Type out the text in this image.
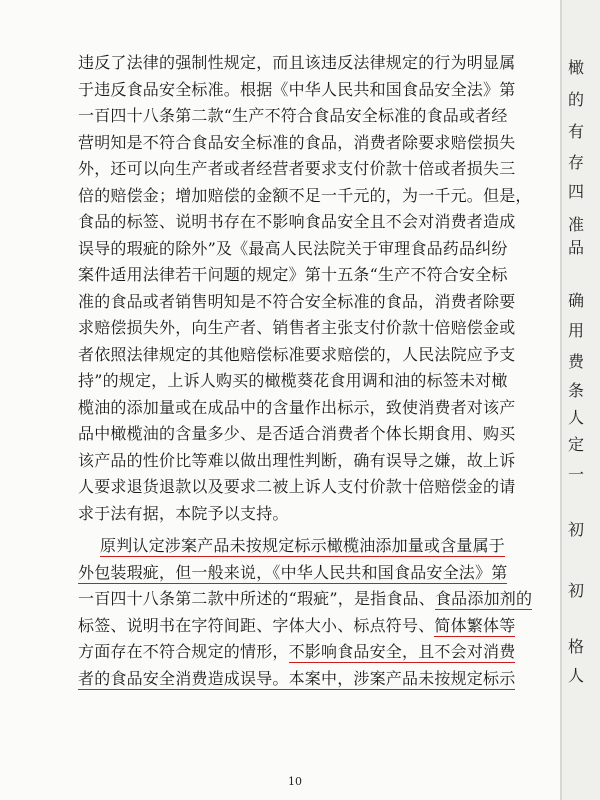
违反了法律的强制性规定，而且该违反法律规定的行为明显属
于违反食品安全标准。根据《中华人民共和国食品安全法》第
一百四十八条第二款“生产不符合食品安全标准的食品或者经
营明知是不符合食品安全标准的食品，消费者除要求赔偿损失
外，还可以向生产者或者经营者要求支付价款十倍或者损失三
倍的赔偿金；增加赔偿的金额不足一千元的，为一千元。但是，
食品的标签、说明书存在不影响食品安全且不会对消费者造成
误导的瑕疵的除外”及《最高人民法院关于审理食品药品纠纷
案件适用法律若干问题的规定》第十五条“生产不符合安全标
准的食品或者销售明知是不符合安全标准的食品，消费者除要
求赔偿损失外，向生产者、销售者主张支付价款十倍赔偿金或
者依照法律规定的其他赔偿标准要求赔偿的，人民法院应予支
持”的规定，上诉人购买的橄榄葵花食用调和油的标签未对橄
榄油的添加量或在成品中的含量作出标示，致使消费者对该产
品中橄榄油的含量多少、是否适合消费者个体长期食用、购买
该产品的性价比等难以做出理性判断，确有误导之嫌，故上诉
人要求退货退款以及要求二被上诉人支付价款十倍赔偿金的请
求于法有据，本院予以支持。
原判认定涉案产品未按规定标示橄榄油添加量或含量属于
外包装瑕疵，但一般来说，《中华人民共和国食品安全法》第
一百四十八条第二款中所述的“瑕疵”，是指食品、食品添加剂的
标签、说明书在字符间距、字体大小、标点符号、简体繁体等
方面存在不符合规定的情形，不影响食品安全，且不会对消费
者的食品安全消费造成误导。本案中，涉案产品未按规定标示
10
橄
的
有
存
四
准
品
确
用
费
条
人
定
一
初
初
格
人
